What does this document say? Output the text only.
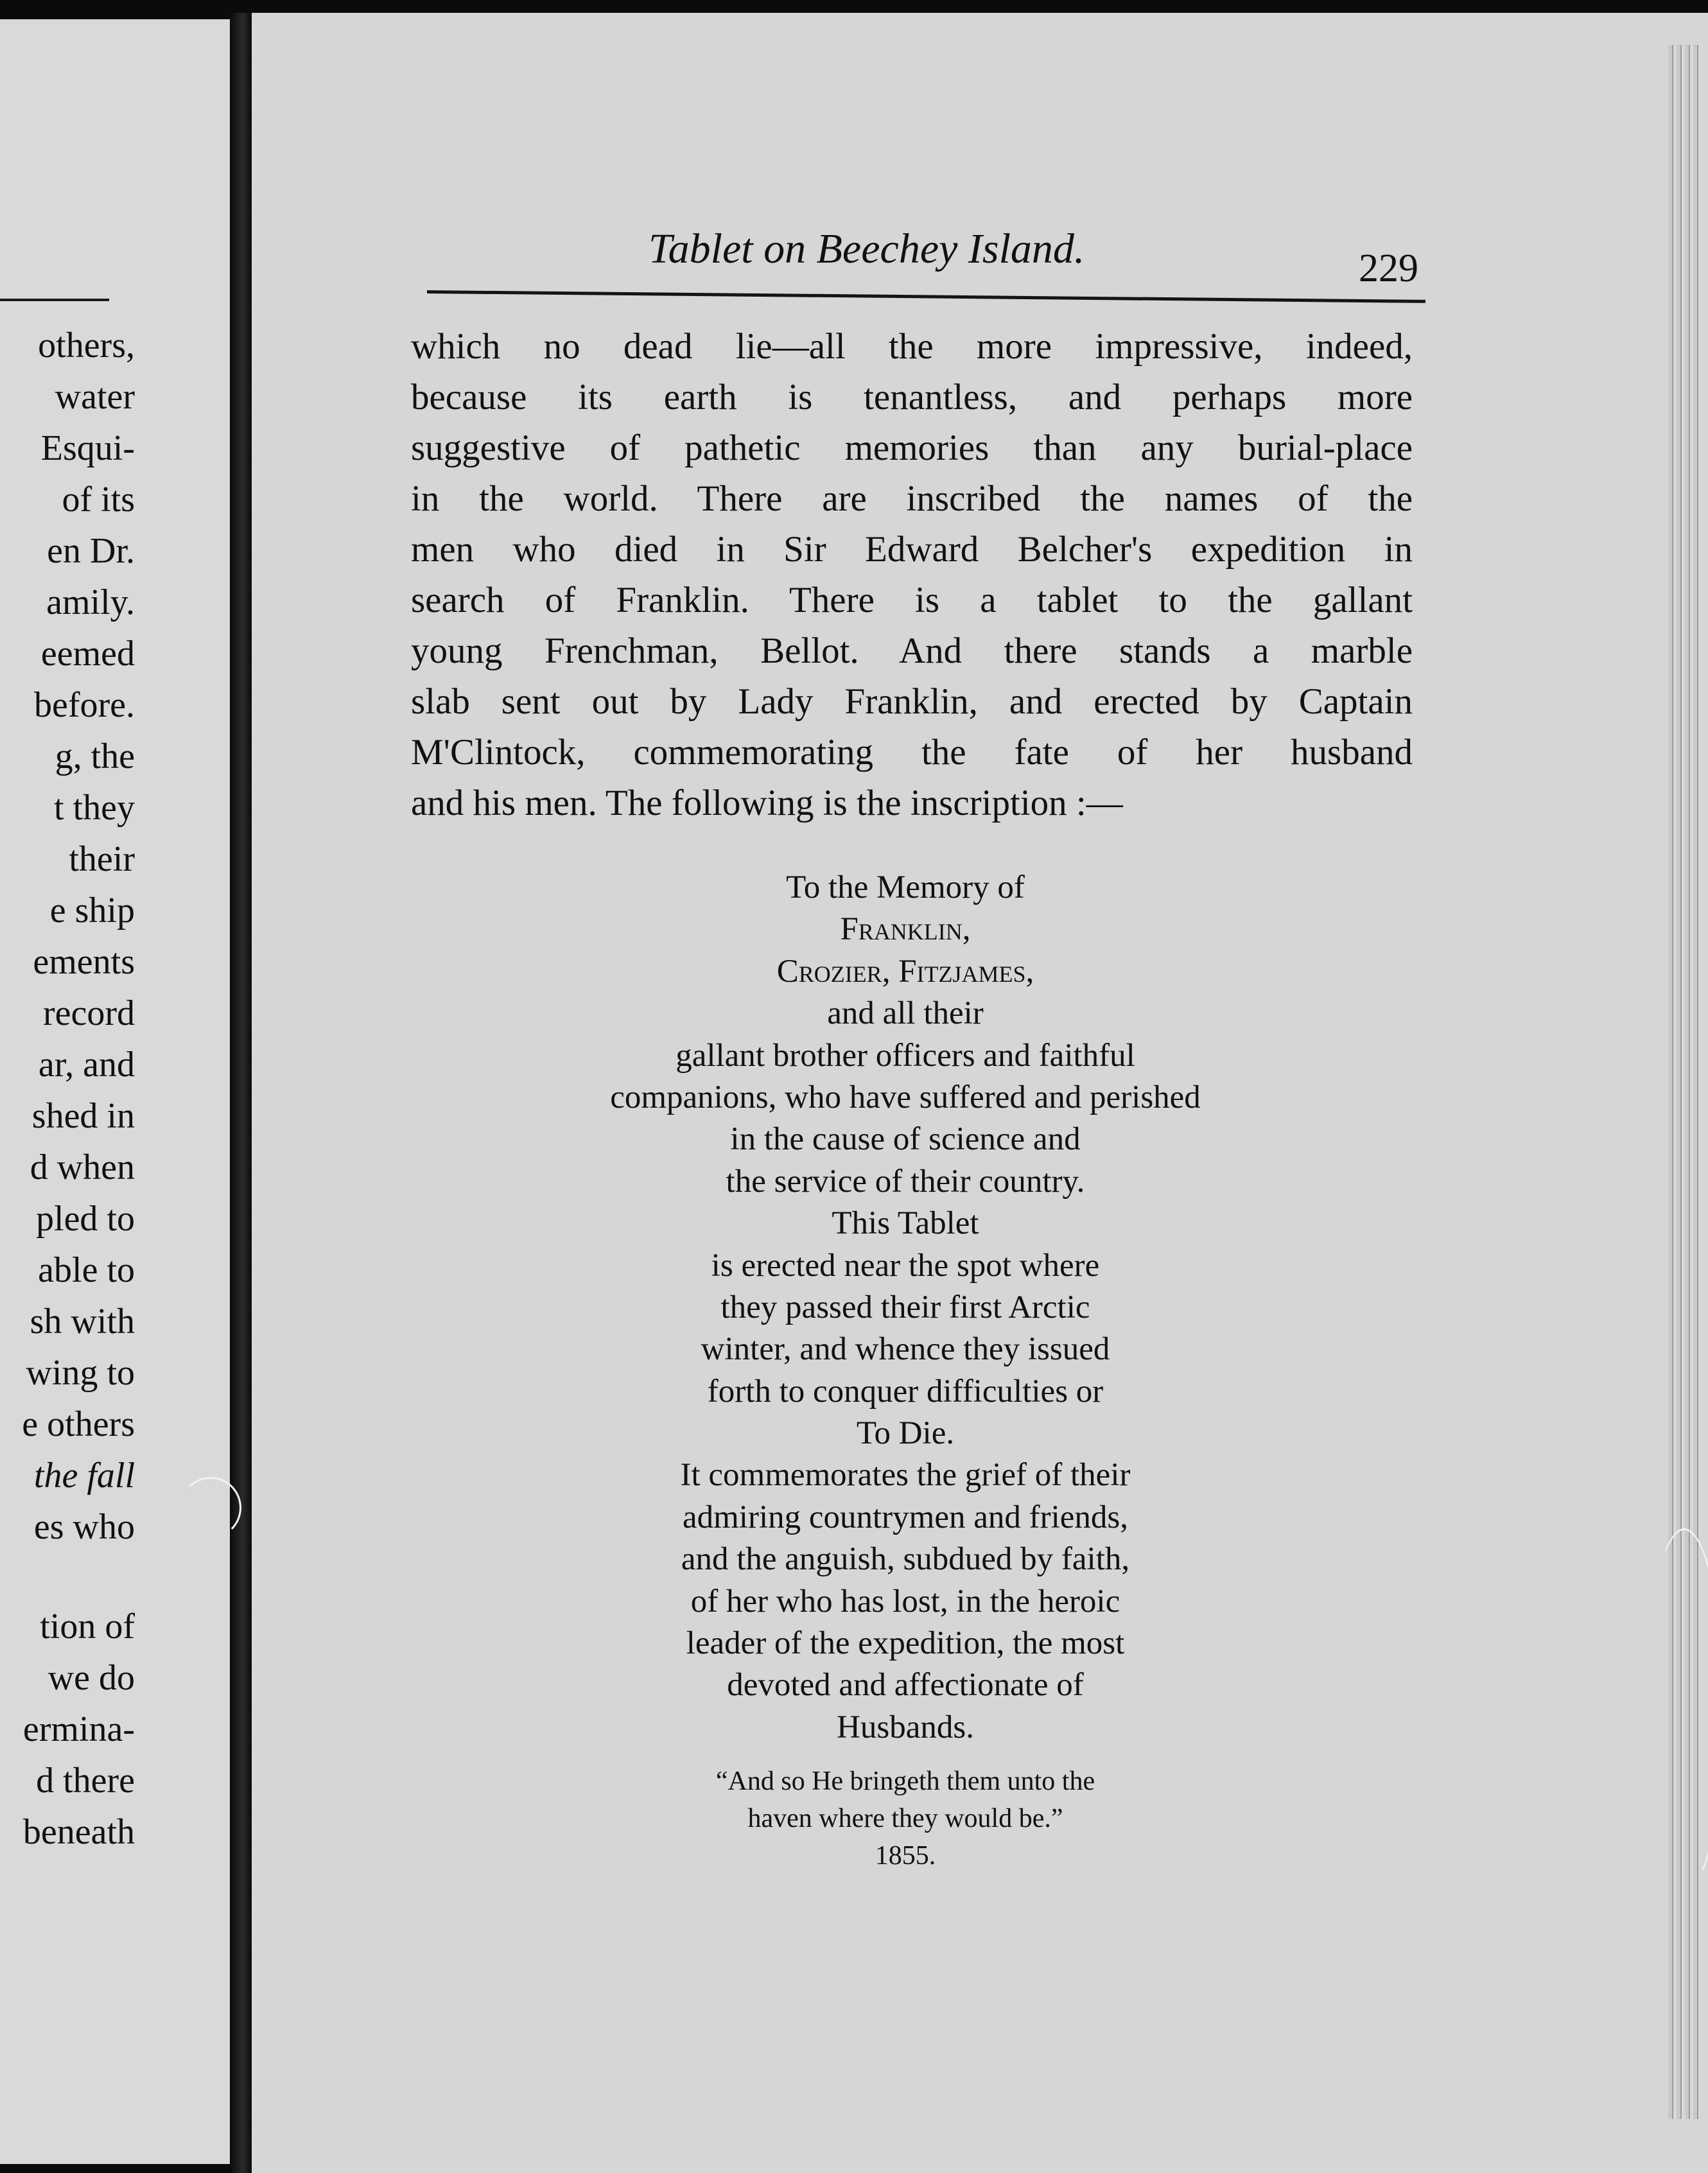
others,
water
Esqui-
of its
en Dr.
amily.
eemed
before.
g, the
t they
their
e ship
ements
record
ar, and
shed in
d when
pled to
able to
sh with
wing to
e others
the fall
es who
tion of
we do
ermina-
d there
beneath
Tablet on Beechey Island.	229
which no dead lie—all the more impressive, indeed,
because its earth is tenantless, and perhaps more
suggestive of pathetic memories than any burial-place
in the world. There are inscribed the names of the
men who died in Sir Edward Belcher's expedition in
search of Franklin. There is a tablet to the gallant
young Frenchman, Bellot. And there stands a marble
slab sent out by Lady Franklin, and erected by Captain
M'Clintock, commemorating the fate of her husband
and his men. The following is the inscription :—
To the Memory of
Franklin,
Crozier, Fitzjames,
and all their
gallant brother officers and faithful
companions, who have suffered and perished
in the cause of science and
the service of their country.
This Tablet
is erected near the spot where
they passed their first Arctic
winter, and whence they issued
forth to conquer difficulties or
To Die.
It commemorates the grief of their
admiring countrymen and friends,
and the anguish, subdued by faith,
of her who has lost, in the heroic
leader of the expedition, the most
devoted and affectionate of
Husbands.
“And so He bringeth them unto the
haven where they would be.”
1855.
